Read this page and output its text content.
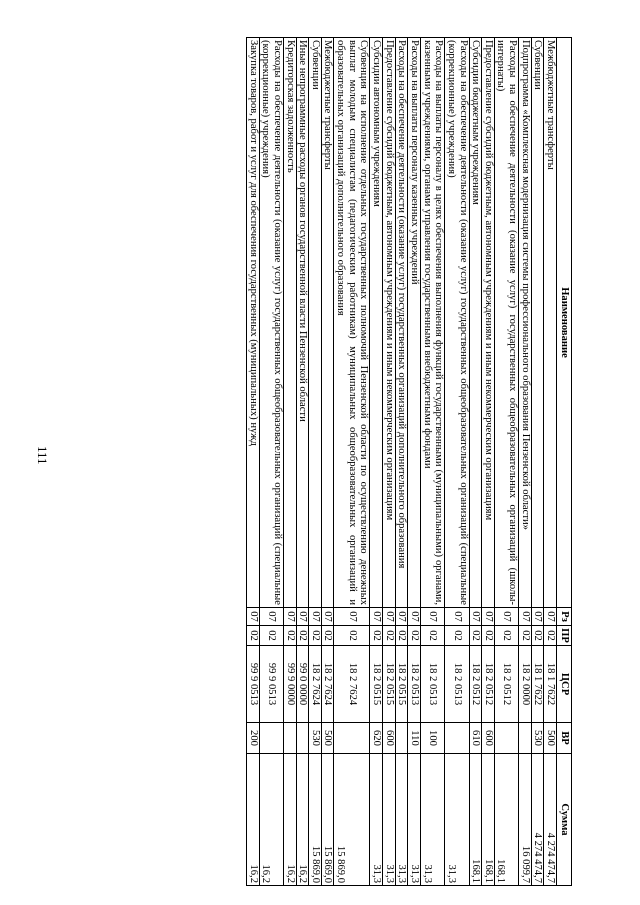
111
Наименование	Рз	ПР	ЦСР	ВР	Сумма
Межбюджетные трансферты	07	02	18 1 7622	500	4 274 474,7
Субвенции	07	02	18 1 7622	530	4 274 474,7
Подпрограмма «Комплексная модернизация системы профессионального образования Пензенской области»	07	02	18 2 0000		16 099,7
Расходы на обеспечение деятельности (оказание услуг) государственных общеобразовательных организаций (школы-интернаты)	07	02	18 2 0512		168,1
Предоставление субсидий бюджетным, автономным учреждениям и иным некоммерческим организациям	07	02	18 2 0512	600	168,1
Субсидии бюджетным учреждениям	07	02	18 2 0512	610	168,1
Расходы на обеспечение деятельности (оказание услуг) государственных общеобразовательных организаций (специальные (коррекционные) учреждения)	07	02	18 2 0513		31,3
Расходы на выплаты персоналу в целях обеспечения выполнения функций государственными (муниципальными) органами, казенными учреждениями, органами управления государственными внебюджетными фондами	07	02	18 2 0513	100	31,3
Расходы на выплаты персоналу казенных учреждений	07	02	18 2 0513	110	31,3
Расходы на обеспечение деятельности (оказание услуг) государственных организаций дополнительного образования	07	02	18 2 0515		31,3
Предоставление субсидий бюджетным, автономным учреждениям и иным некоммерческим организациям	07	02	18 2 0515	600	31,3
Субсидии автономным учреждениям	07	02	18 2 0515	620	31,3
Субвенция на исполнение отдельных государственных полномочий Пензенской области по осуществлению денежных выплат молодым специалистам (педагогическим работникам) муниципальных общеобразовательных организаций и образовательных организаций дополнительного образования	07	02	18 2 7624		15 869,0
Межбюджетные трансферты	07	02	18 2 7624	500	15 869,0
Субвенции	07	02	18 2 7624	530	15 869,0
Иные непрограммные расходы органов государственной власти Пензенской области	07	02	99 0 0000		16,2
Кредиторская задолженность	07	02	99 9 0000		16,2
Расходы на обеспечение деятельности (оказание услуг) государственных общеобразовательных организаций (специальные (коррекционные) учреждения)	07	02	99 9 0513		16,2
Закупка товаров, работ и услуг для обеспечения государственных (муниципальных) нужд	07	02	99 9 0513	200	16,2
